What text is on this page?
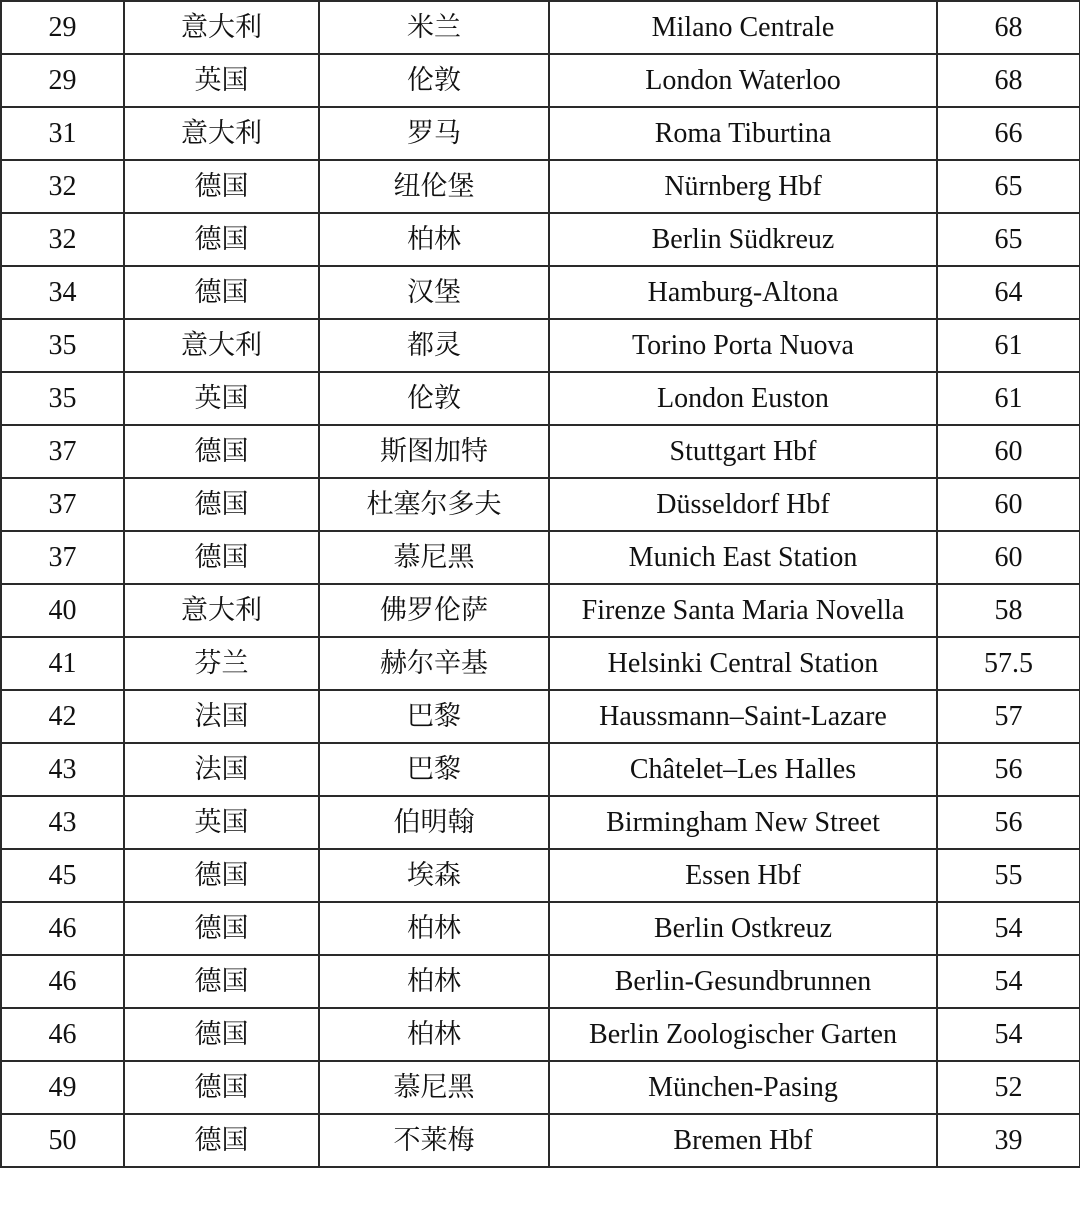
29	意大利	米兰	Milano Centrale	68
29	英国	伦敦	London Waterloo	68
31	意大利	罗马	Roma Tiburtina	66
32	德国	纽伦堡	Nürnberg Hbf	65
32	德国	柏林	Berlin Südkreuz	65
34	德国	汉堡	Hamburg-Altona	64
35	意大利	都灵	Torino Porta Nuova	61
35	英国	伦敦	London Euston	61
37	德国	斯图加特	Stuttgart Hbf	60
37	德国	杜塞尔多夫	Düsseldorf Hbf	60
37	德国	慕尼黑	Munich East Station	60
40	意大利	佛罗伦萨	Firenze Santa Maria Novella	58
41	芬兰	赫尔辛基	Helsinki Central Station	57.5
42	法国	巴黎	Haussmann–Saint-Lazare	57
43	法国	巴黎	Châtelet–Les Halles	56
43	英国	伯明翰	Birmingham New Street	56
45	德国	埃森	Essen Hbf	55
46	德国	柏林	Berlin Ostkreuz	54
46	德国	柏林	Berlin-Gesundbrunnen	54
46	德国	柏林	Berlin Zoologischer Garten	54
49	德国	慕尼黑	München-Pasing	52
50	德国	不莱梅	Bremen Hbf	39
